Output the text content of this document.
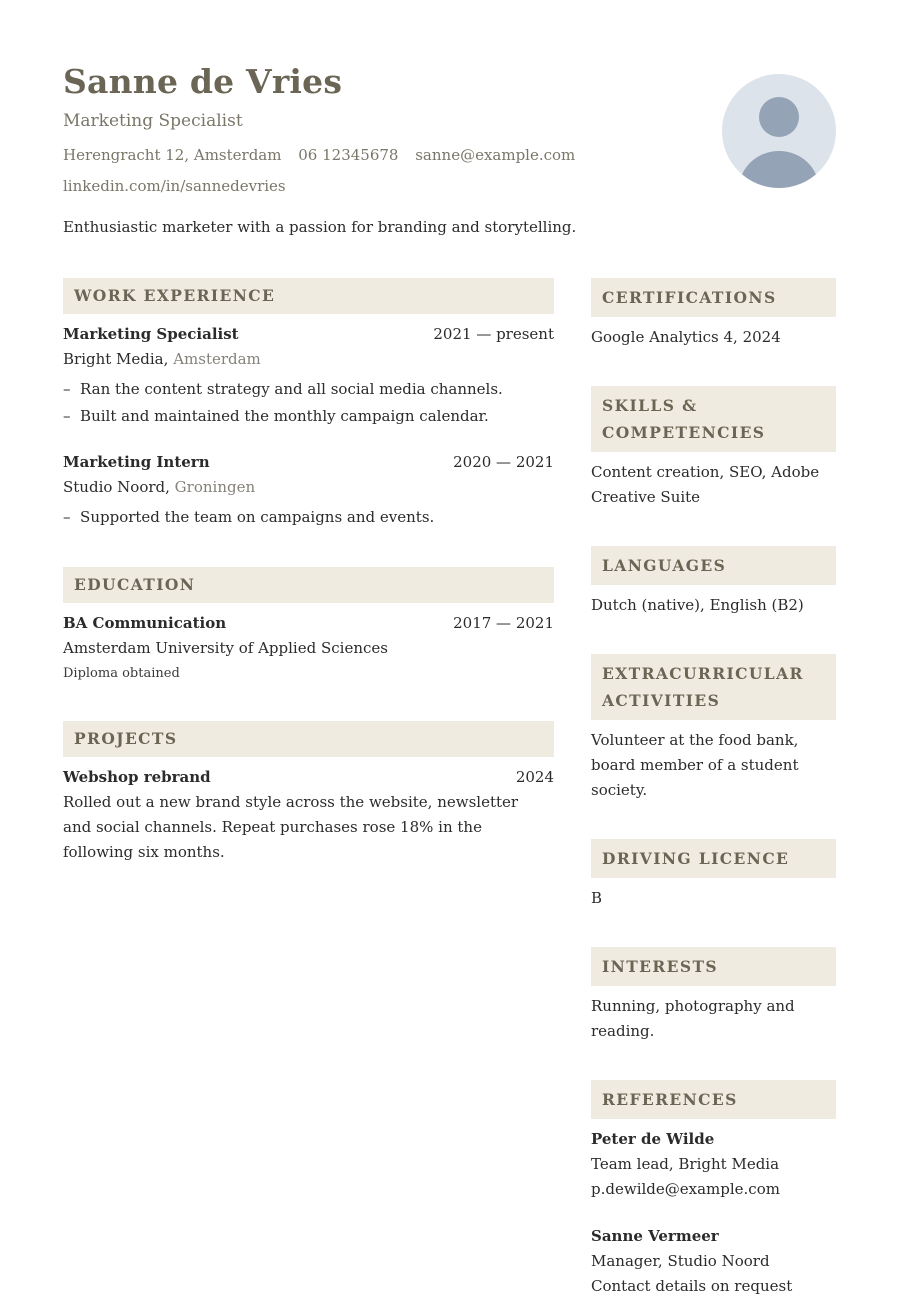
Sanne de Vries
Marketing Specialist
Herengracht 12, Amsterdam 06 12345678 sanne@example.com
linkedin.com/in/sannedevries
Enthusiastic marketer with a passion for branding and storytelling.
WORK EXPERIENCE
Marketing Specialist	2021 — present
Bright Media, Amsterdam
– Ran the content strategy and all social media channels.
– Built and maintained the monthly campaign calendar.
Marketing Intern	2020 — 2021
Studio Noord, Groningen
– Supported the team on campaigns and events.
EDUCATION
BA Communication	2017 — 2021
Amsterdam University of Applied Sciences
Diploma obtained
PROJECTS
Webshop rebrand	2024
Rolled out a new brand style across the website, newsletter and social channels. Repeat purchases rose 18% in the following six months.
CERTIFICATIONS
Google Analytics 4, 2024
SKILLS & COMPETENCIES
Content creation, SEO, Adobe Creative Suite
LANGUAGES
Dutch (native), English (B2)
EXTRACURRICULAR ACTIVITIES
Volunteer at the food bank, board member of a student society.
DRIVING LICENCE
B
INTERESTS
Running, photography and reading.
REFERENCES
Peter de Wilde
Team lead, Bright Media
p.dewilde@example.com
Sanne Vermeer
Manager, Studio Noord
Contact details on request
